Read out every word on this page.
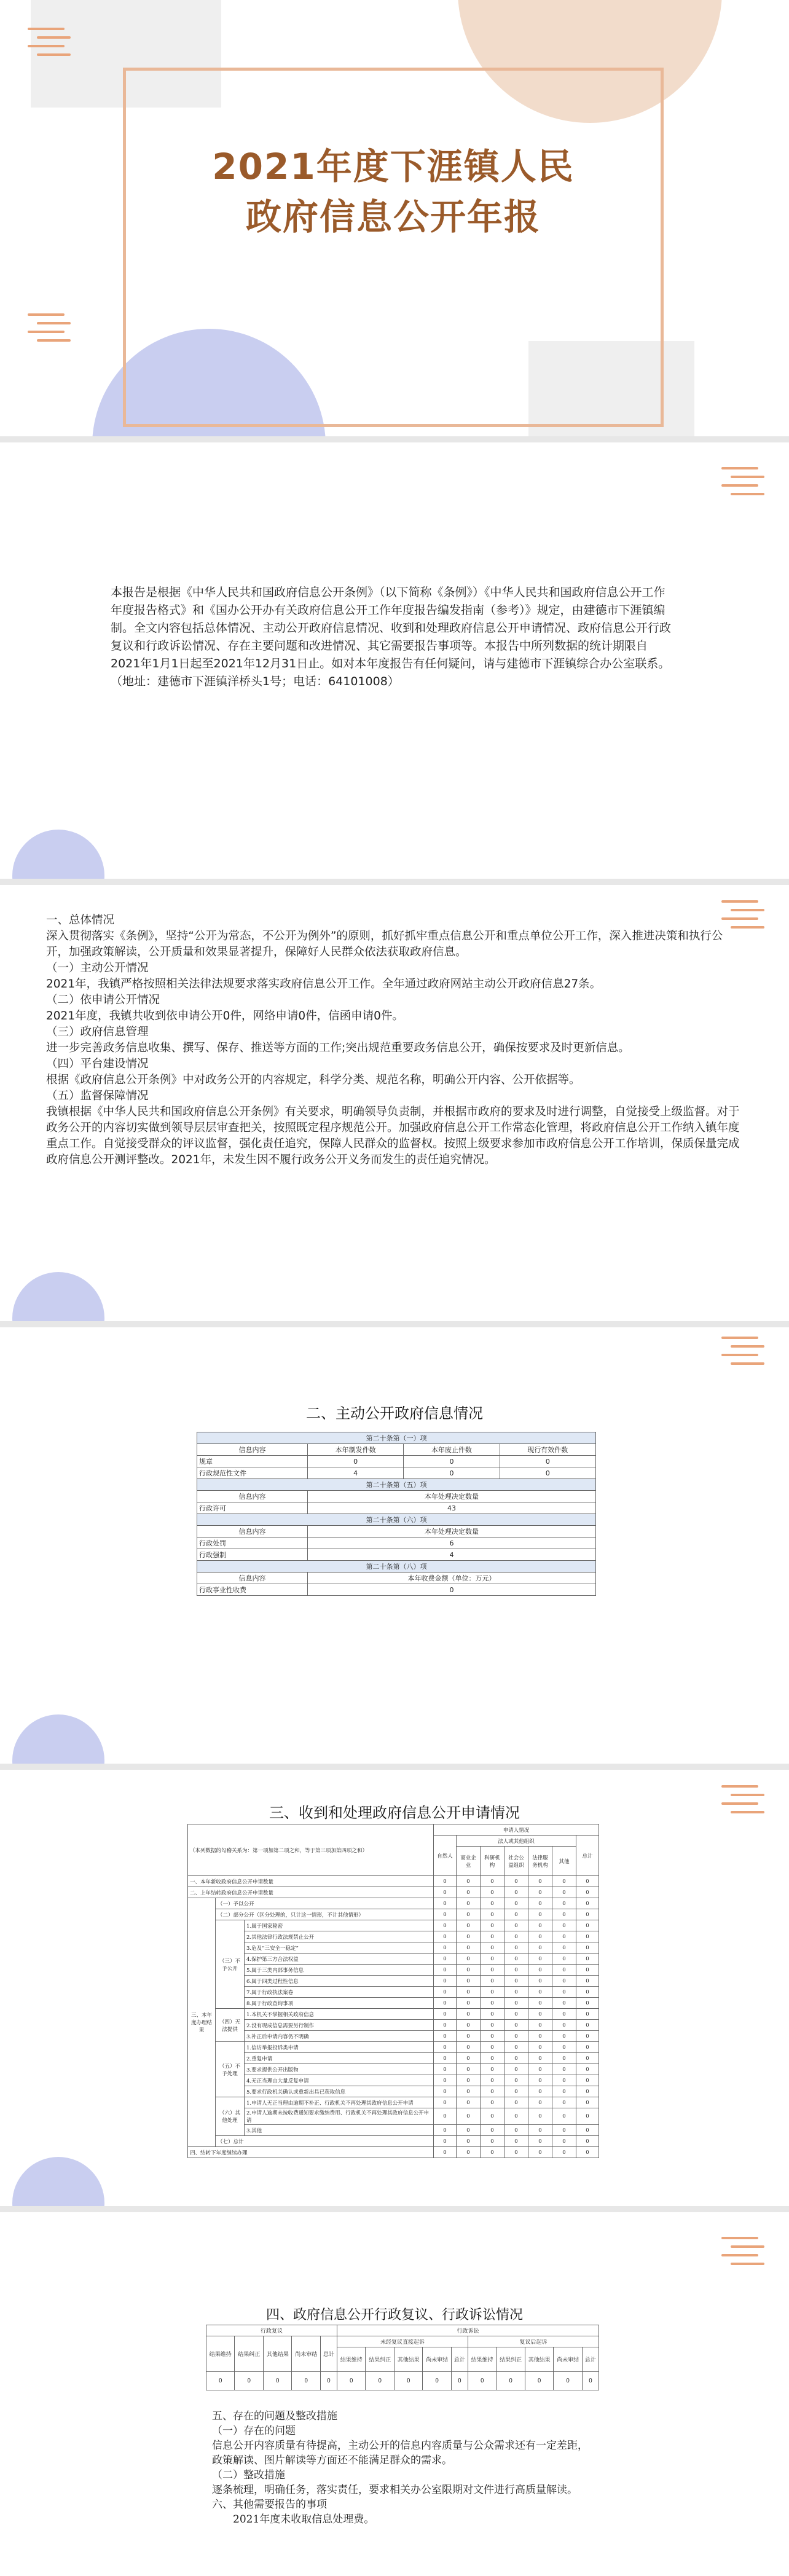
2021年度下涯镇人民
政府信息公开年报
本报告是根据《中华人民共和国政府信息公开条例》（以下简称《条例》）《中华人民共和国政府信息公开工作年度报告格式》和《国办公开办有关政府信息公开工作年度报告编发指南（参考）》规定，由建德市下涯镇编制。全文内容包括总体情况、主动公开政府信息情况、收到和处理政府信息公开申请情况、政府信息公开行政复议和行政诉讼情况、存在主要问题和改进情况、其它需要报告事项等。本报告中所列数据的统计期限自2021年1月1日起至2021年12月31日止。如对本年度报告有任何疑问，请与建德市下涯镇综合办公室联系。（地址：建德市下涯镇洋桥头1号；电话：64101008）

一、总体情况

深入贯彻落实《条例》，坚持“公开为常态，不公开为例外”的原则，抓好抓牢重点信息公开和重点单位公开工作，深入推进决策和执行公开，加强政策解读，公开质量和效果显著提升，保障好人民群众依法获取政府信息。

（一）主动公开情况

2021年，我镇严格按照相关法律法规要求落实政府信息公开工作。全年通过政府网站主动公开政府信息27条。

（二）依申请公开情况

2021年度，我镇共收到依申请公开0件，网络申请0件，信函申请0件。

（三）政府信息管理

进一步完善政务信息收集、撰写、保存、推送等方面的工作;突出规范重要政务信息公开，确保按要求及时更新信息。

（四）平台建设情况

根据《政府信息公开条例》中对政务公开的内容规定，科学分类、规范名称，明确公开内容、公开依据等。

（五）监督保障情况

我镇根据《中华人民共和国政府信息公开条例》有关要求，明确领导负责制，并根据市政府的要求及时进行调整，自觉接受上级监督。对于政务公开的内容切实做到领导层层审查把关，按照既定程序规范公开。加强政府信息公开工作常态化管理，将政府信息公开工作纳入镇年度重点工作。自觉接受群众的评议监督，强化责任追究，保障人民群众的监督权。按照上级要求参加市政府信息公开工作培训，保质保量完成政府信息公开测评整改。2021年，未发生因不履行政务公开义务而发生的责任追究情况。

二、主动公开政府信息情况
第二十条第（一）项			
信息内容	本年制发件数	本年废止件数	现行有效件数
规章	0	0	0
行政规范性文件	4	0	0
第二十条第（五）项			
信息内容	本年处理决定数量		
行政许可	43		
第二十条第（六）项			
信息内容	本年处理决定数量		
行政处罚	6		
行政强制	4		
第二十条第（八）项			
信息内容	本年收费金额（单位：万元）		
行政事业性收费	0		
三、收到和处理政府信息公开申请情况
（本列数据的勾稽关系为：第一项加第二项之和，等于第三项加第四项之和）			申请人情况						
			自然人	法人或其他组织					总计
				商业企业	科研机构	社会公益组织	法律服务机构	其他	
一、本年新收政府信息公开申请数量			0	0	0	0	0	0	0
二、上年结转政府信息公开申请数量			0	0	0	0	0	0	0
三、本年度办理结果	（一）予以公开		0	0	0	0	0	0	0
	（二）部分公开（区分处理的，只计这一情形，不计其他情形）		0	0	0	0	0	0	0
	（三）不予公开	1.属于国家秘密	0	0	0	0	0	0	0
		2.其他法律行政法规禁止公开	0	0	0	0	0	0	0
		3.危及“三安全一稳定”	0	0	0	0	0	0	0
		4.保护第三方合法权益	0	0	0	0	0	0	0
		5.属于三类内部事务信息	0	0	0	0	0	0	0
		6.属于四类过程性信息	0	0	0	0	0	0	0
		7.属于行政执法案卷	0	0	0	0	0	0	0
		8.属于行政查询事项	0	0	0	0	0	0	0
	（四）无法提供	1.本机关不掌握相关政府信息	0	0	0	0	0	0	0
		2.没有现成信息需要另行制作	0	0	0	0	0	0	0
		3.补正后申请内容仍不明确	0	0	0	0	0	0	0
	（五）不予处理	1.信访举报投诉类申请	0	0	0	0	0	0	0
		2.重复申请	0	0	0	0	0	0	0
		3.要求提供公开出版物	0	0	0	0	0	0	0
		4.无正当理由大量反复申请	0	0	0	0	0	0	0
		5.要求行政机关确认或重新出具已获取信息	0	0	0	0	0	0	0
	（六）其他处理	1.申请人无正当理由逾期不补正、行政机关不再处理其政府信息公开申请	0	0	0	0	0	0	0
		2.申请人逾期未按收费通知要求缴纳费用、行政机关不再处理其政府信息公开申请	0	0	0	0	0	0	0
		3.其他	0	0	0	0	0	0	0
	（七）总计		0	0	0	0	0	0	0
四、结转下年度继续办理			0	0	0	0	0	0	0
四、政府信息公开行政复议、行政诉讼情况
行政复议					行政诉讼									
结果维持	结果纠正	其他结果	尚未审结	总计	未经复议直接起诉					复议后起诉				
					结果维持	结果纠正	其他结果	尚未审结	总计	结果维持	结果纠正	其他结果	尚未审结	总计
0	0	0	0	0	0	0	0	0	0	0	0	0	0	0

五、存在的问题及整改措施

（一）存在的问题

信息公开内容质量有待提高，主动公开的信息内容质量与公众需求还有一定差距，政策解读、图片解读等方面还不能满足群众的需求。

（二）整改措施

逐条梳理，明确任务，落实责任，要求相关办公室限期对文件进行高质量解读。

六、其他需要报告的事项

2021年度未收取信息处理费。
